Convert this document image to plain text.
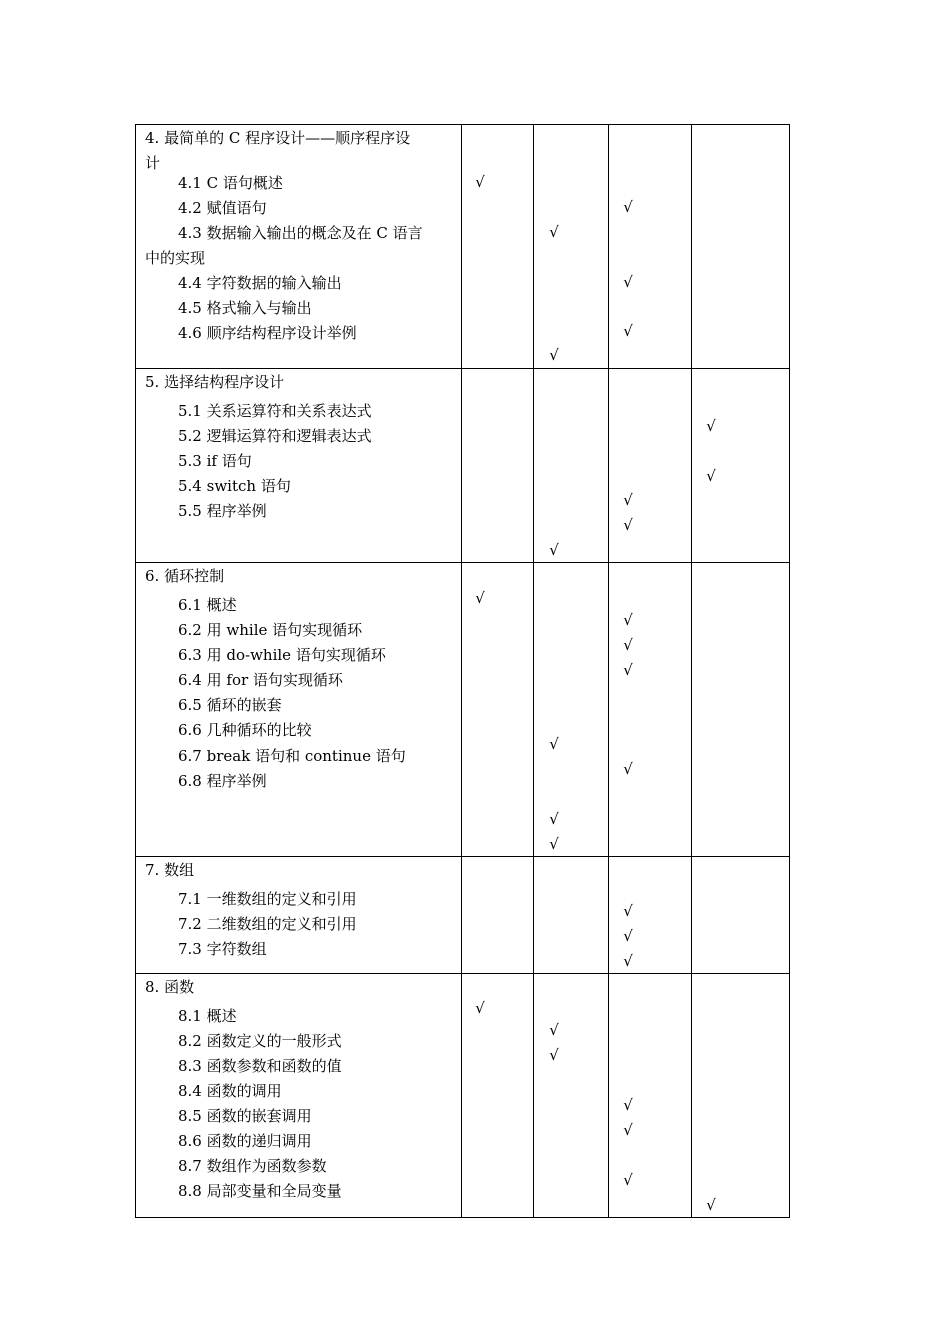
4. 最简单的 C 程序设计——顺序程序设
计
4.1 C 语句概述
4.2 赋值语句
4.3 数据输入输出的概念及在 C 语言
中的实现
4.4 字符数据的输入输出
4.5 格式输入与输出
4.6 顺序结构程序设计举例
√
√
√
√
√
√
5. 选择结构程序设计
5.1 关系运算符和关系表达式
5.2 逻辑运算符和逻辑表达式
5.3 if 语句
5.4 switch 语句
5.5 程序举例
√
√
√
√
√
6. 循环控制
6.1 概述
6.2 用 while 语句实现循环
6.3 用 do-while 语句实现循环
6.4 用 for 语句实现循环
6.5 循环的嵌套
6.6 几种循环的比较
6.7 break 语句和 continue 语句
6.8 程序举例
√
√
√
√
√
√
√
√
7. 数组
7.1 一维数组的定义和引用
7.2 二维数组的定义和引用
7.3 字符数组
√
√
√
8. 函数
8.1 概述
8.2 函数定义的一般形式
8.3 函数参数和函数的值
8.4 函数的调用
8.5 函数的嵌套调用
8.6 函数的递归调用
8.7 数组作为函数参数
8.8 局部变量和全局变量
√
√
√
√
√
√
√
